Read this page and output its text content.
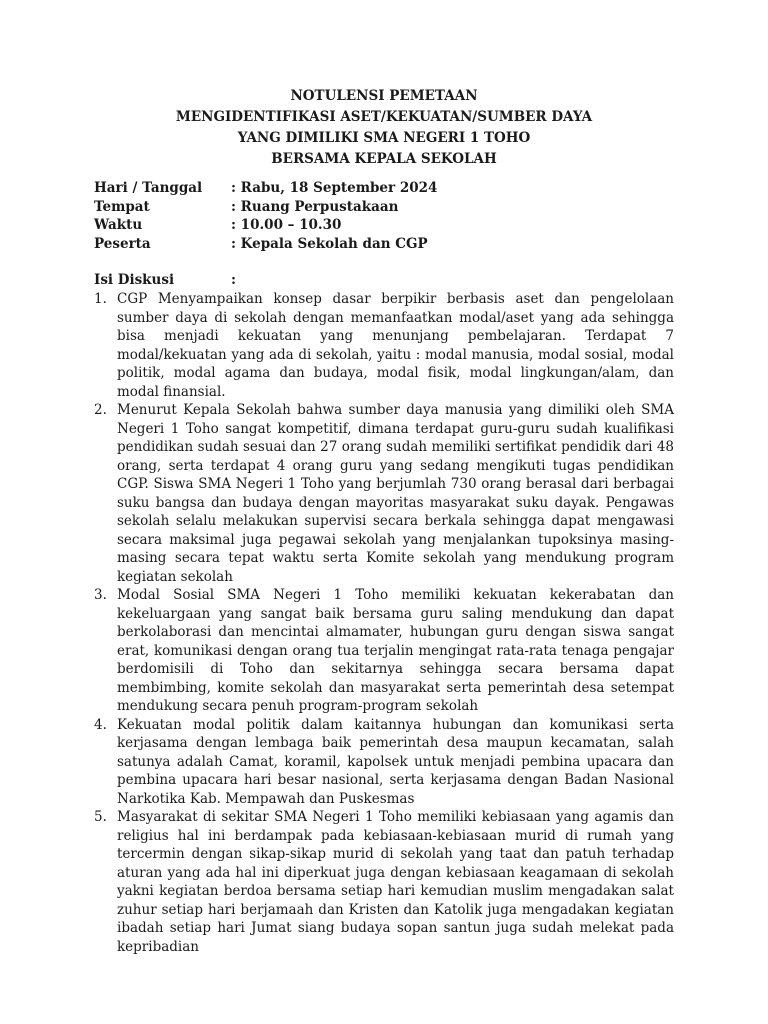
NOTULENSI PEMETAAN
MENGIDENTIFIKASI ASET/KEKUATAN/SUMBER DAYA
YANG DIMILIKI SMA NEGERI 1 TOHO
BERSAMA KEPALA SEKOLAH
Hari / Tanggal	: Rabu, 18 September 2024
Tempat	: Ruang Perpustakaan
Waktu	: 10.00 – 10.30
Peserta	: Kepala Sekolah dan CGP
Isi Diskusi	:
1. CGP Menyampaikan konsep dasar berpikir berbasis aset dan pengelolaan sumber daya di sekolah dengan memanfaatkan modal/aset yang ada sehingga bisa menjadi kekuatan yang menunjang pembelajaran. Terdapat 7 modal/kekuatan yang ada di sekolah, yaitu : modal manusia, modal sosial, modal politik, modal agama dan budaya, modal fisik, modal lingkungan/alam, dan modal finansial.
2. Menurut Kepala Sekolah bahwa sumber daya manusia yang dimiliki oleh SMA Negeri 1 Toho sangat kompetitif, dimana terdapat guru-guru sudah kualifikasi pendidikan sudah sesuai dan 27 orang sudah memiliki sertifikat pendidik dari 48 orang, serta terdapat 4 orang guru yang sedang mengikuti tugas pendidikan CGP. Siswa SMA Negeri 1 Toho yang berjumlah 730 orang berasal dari berbagai suku bangsa dan budaya dengan mayoritas masyarakat suku dayak. Pengawas sekolah selalu melakukan supervisi secara berkala sehingga dapat mengawasi secara maksimal juga pegawai sekolah yang menjalankan tupoksinya masing-masing secara tepat waktu serta Komite sekolah yang mendukung program kegiatan sekolah
3. Modal Sosial SMA Negeri 1 Toho memiliki kekuatan kekerabatan dan kekeluargaan yang sangat baik bersama guru saling mendukung dan dapat berkolaborasi dan mencintai almamater, hubungan guru dengan siswa sangat erat, komunikasi dengan orang tua terjalin mengingat rata-rata tenaga pengajar berdomisili di Toho dan sekitarnya sehingga secara bersama dapat membimbing, komite sekolah dan masyarakat serta pemerintah desa setempat mendukung secara penuh program-program sekolah
4. Kekuatan modal politik dalam kaitannya hubungan dan komunikasi serta kerjasama dengan lembaga baik pemerintah desa maupun kecamatan, salah satunya adalah Camat, koramil, kapolsek untuk menjadi pembina upacara dan pembina upacara hari besar nasional, serta kerjasama dengan Badan Nasional Narkotika Kab. Mempawah dan Puskesmas
5. Masyarakat di sekitar SMA Negeri 1 Toho memiliki kebiasaan yang agamis dan religius hal ini berdampak pada kebiasaan-kebiasaan murid di rumah yang tercermin dengan sikap-sikap murid di sekolah yang taat dan patuh terhadap aturan yang ada hal ini diperkuat juga dengan kebiasaan keagamaan di sekolah yakni kegiatan berdoa bersama setiap hari kemudian muslim mengadakan salat zuhur setiap hari berjamaah dan Kristen dan Katolik juga mengadakan kegiatan ibadah setiap hari Jumat siang budaya sopan santun juga sudah melekat pada kepribadian
